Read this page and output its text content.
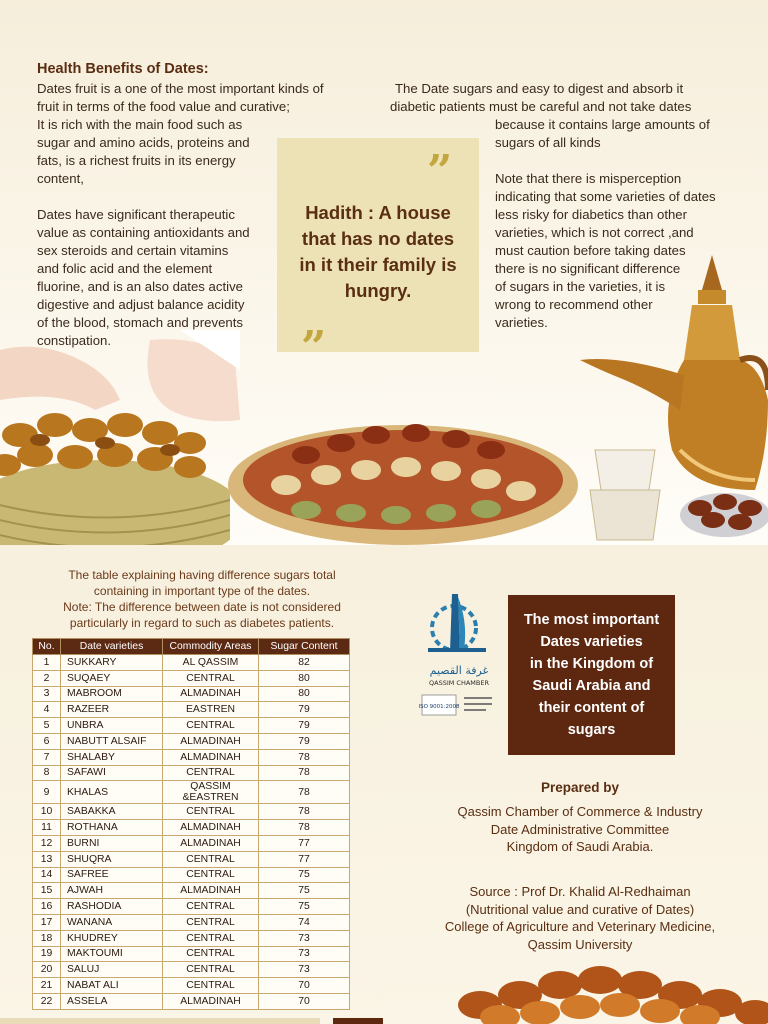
Health Benefits of Dates:
Dates fruit is a one of the most important kinds of
fruit in terms of the food value and curative;
It is rich with the main food such as
sugar and amino acids, proteins and
fats, is a richest fruits in its energy
content,
Dates have significant therapeutic
value as containing antioxidants and
sex steroids and certain vitamins
and folic acid and the element
fluorine, and is an also dates active
digestive and adjust balance acidity
of the blood, stomach and prevents
constipation.
The Date sugars and easy to digest and absorb it
diabetic patients must be careful and not take dates
because it contains large amounts of
sugars of all kinds
Note that there is misperception
indicating that some varieties of dates
less risky for diabetics than other
varieties, which is not correct ,and
must caution before taking dates
there is no significant difference
of sugars in the varieties, it is
wrong to recommend other
varieties.
”
Hadith : A house
that has no dates
in it their family is
hungry.
”
The table explaining having difference sugars total
containing in important type of the dates.
Note: The difference between date is not considered
particularly in regard to such as diabetes patients.
No.	Date varieties	Commodity Areas	Sugar Content
1	SUKKARY	AL QASSIM	82
2	SUQAEY	CENTRAL	80
3	MABROOM	ALMADINAH	80
4	RAZEER	EASTREN	79
5	UNBRA	CENTRAL	79
6	NABUTT ALSAIF	ALMADINAH	79
7	SHALABY	ALMADINAH	78
8	SAFAWI	CENTRAL	78
9	KHALAS	QASSIM &EASTREN	78
10	SABAKKA	CENTRAL	78
11	ROTHANA	ALMADINAH	78
12	BURNI	ALMADINAH	77
13	SHUQRA	CENTRAL	77
14	SAFREE	CENTRAL	75
15	AJWAH	ALMADINAH	75
16	RASHODIA	CENTRAL	75
17	WANANA	CENTRAL	74
18	KHUDREY	CENTRAL	73
19	MAKTOUMI	CENTRAL	73
20	SALUJ	CENTRAL	73
21	NABAT ALI	CENTRAL	70
22	ASSELA	ALMADINAH	70
غرفة القصيم
QASSIM CHAMBER
ISO 9001:2008
The most important
Dates varieties
in the Kingdom of
Saudi Arabia and
their content of
sugars
Prepared by
Qassim Chamber of Commerce & Industry
Date Administrative Committee
Kingdom of Saudi Arabia.
Source : Prof Dr. Khalid Al-Redhaiman
(Nutritional value and curative of Dates)
College of Agriculture and Veterinary Medicine,
Qassim University
